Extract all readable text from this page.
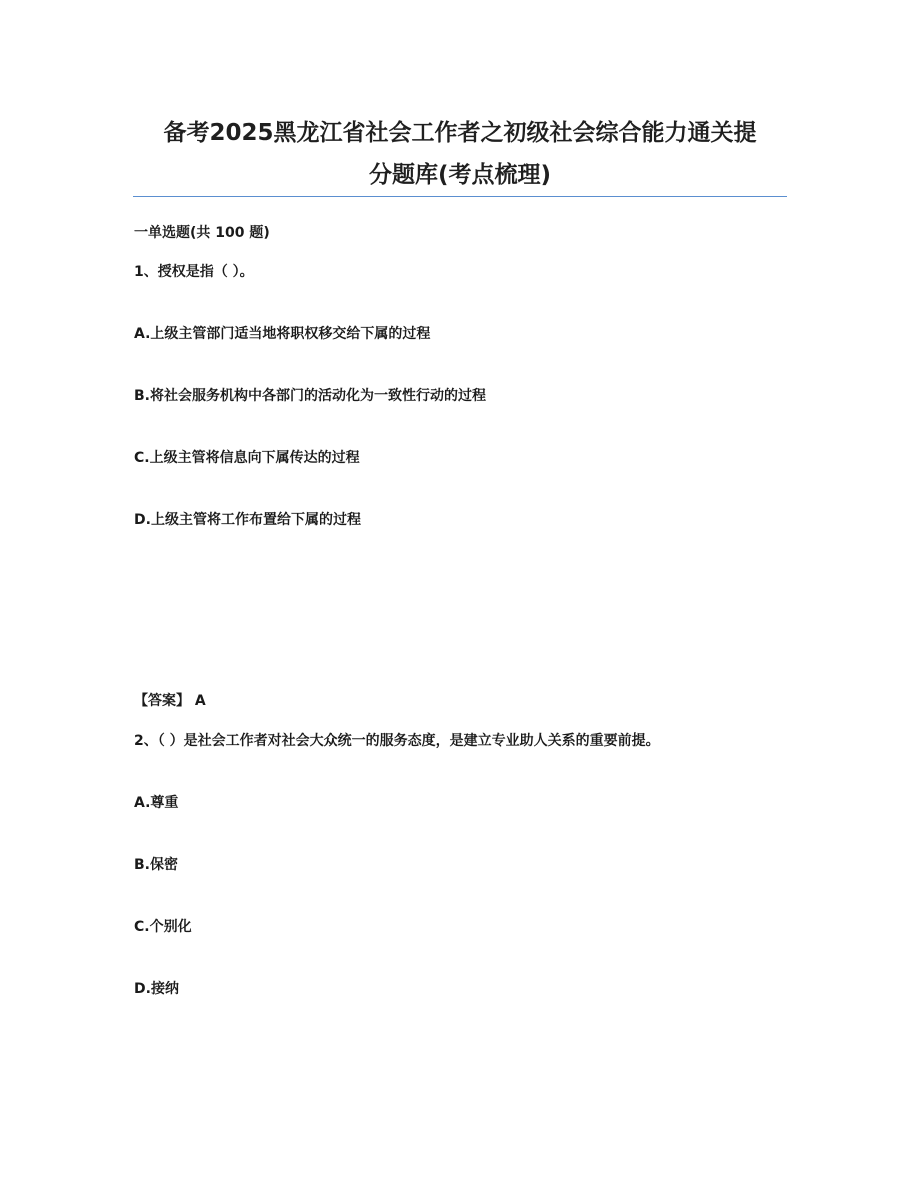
备考2025黑龙江省社会工作者之初级社会综合能力通关提
分题库(考点梳理)
一单选题(共 100 题)
1、授权是指（ ）。
A.上级主管部门适当地将职权移交给下属的过程
B.将社会服务机构中各部门的活动化为一致性行动的过程
C.上级主管将信息向下属传达的过程
D.上级主管将工作布置给下属的过程
【答案】 A
2、（ ）是社会工作者对社会大众统一的服务态度，是建立专业助人关系的重要前提。
A.尊重
B.保密
C.个别化
D.接纳
